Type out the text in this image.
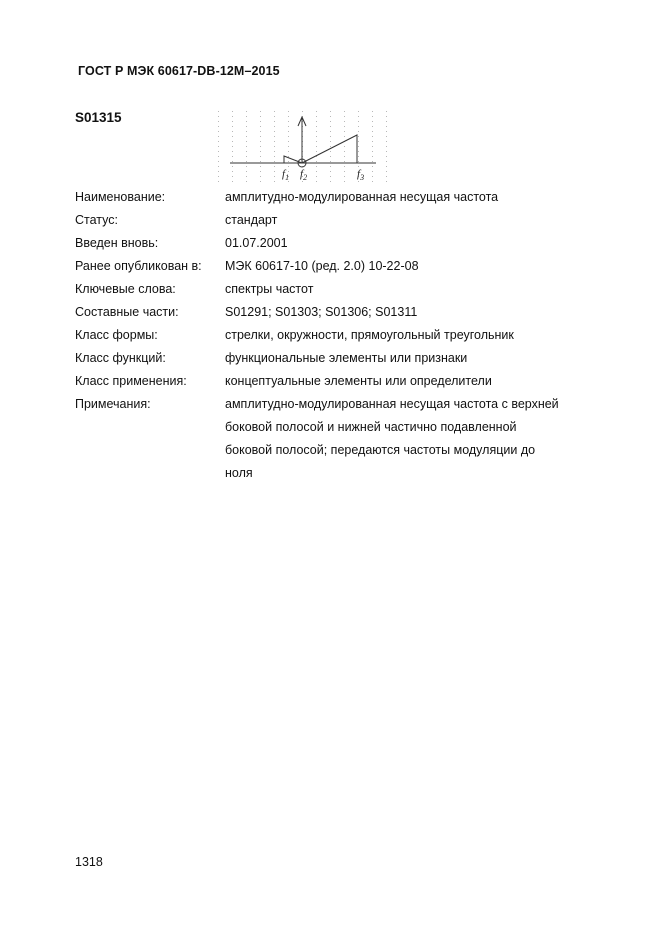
ГОСТ Р МЭК 60617-DB-12M–2015
S01315
$f_1$ $f_2$	$f_3$
Наименование:	амплитудно-модулированная несущая частота
Статус:	стандарт
Введен вновь:	01.07.2001
Ранее опубликован в:	МЭК 60617-10 (ред. 2.0) 10-22-08
Ключевые слова:	спектры частот
Составные части:	S01291; S01303; S01306; S01311
Класс формы:	стрелки, окружности, прямоугольный треугольник
Класс функций:	функциональные элементы или признаки
Класс применения:	концептуальные элементы или определители
Примечания:	амплитудно-модулированная несущая частота с верхней боковой полосой и нижней частично подавленной боковой полосой; передаются частоты модуляции до ноля
1318
